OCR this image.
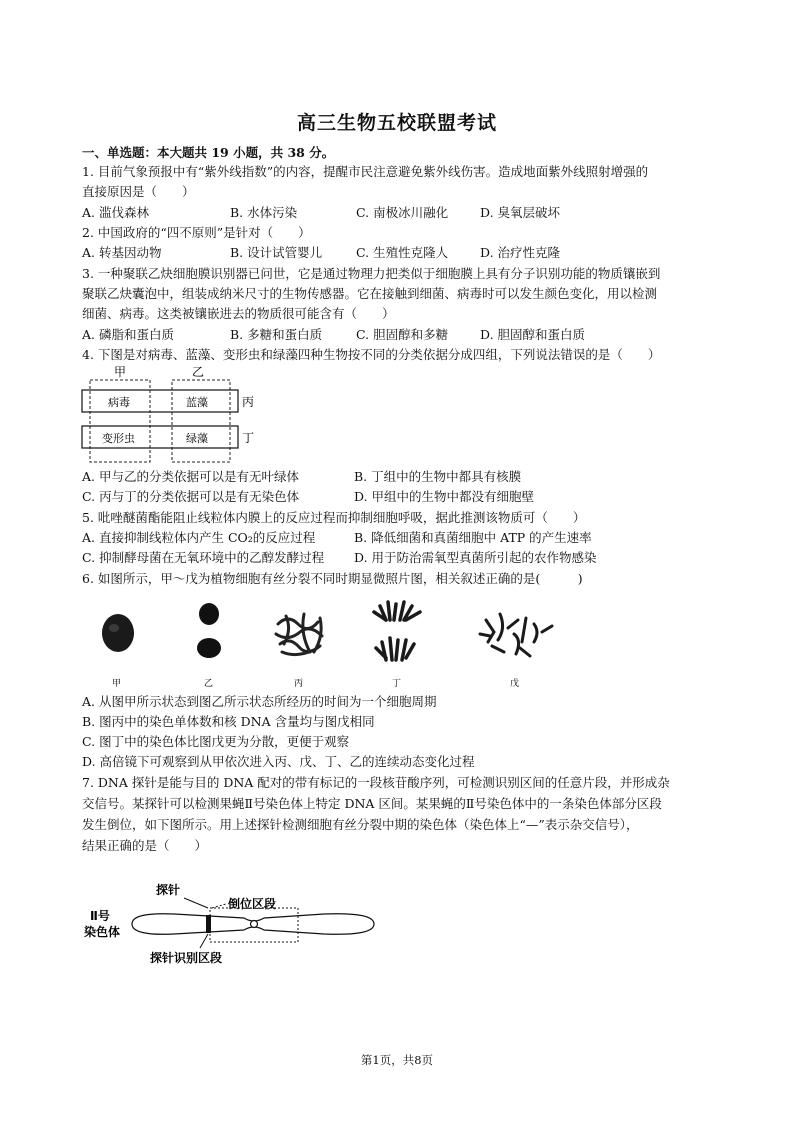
高三生物五校联盟考试
一、单选题：本大题共 19 小题，共 38 分。
1. 目前气象预报中有“紫外线指数”的内容，提醒市民注意避免紫外线伤害。造成地面紫外线照射增强的
直接原因是（　　）
A. 滥伐森林	B. 水体污染	C. 南极冰川融化	D. 臭氧层破坏
2. 中国政府的“四不原则”是针对（　　）
A. 转基因动物	B. 设计试管婴儿	C. 生殖性克隆人	D. 治疗性克隆
3. 一种聚联乙炔细胞膜识别器已问世，它是通过物理力把类似于细胞膜上具有分子识别功能的物质镶嵌到
聚联乙炔囊泡中，组装成纳米尺寸的生物传感器。它在接触到细菌、病毒时可以发生颜色变化，用以检测
细菌、病毒。这类被镶嵌进去的物质很可能含有（　　）
A. 磷脂和蛋白质	B. 多糖和蛋白质	C. 胆固醇和多糖	D. 胆固醇和蛋白质
4. 下图是对病毒、蓝藻、变形虫和绿藻四种生物按不同的分类依据分成四组，下列说法错误的是（　　）
甲	乙
病毒	蓝藻
变形虫	绿藻
丙
丁
A. 甲与乙的分类依据可以是有无叶绿体	B. 丁组中的生物中都具有核膜
C. 丙与丁的分类依据可以是有无染色体	D. 甲组中的生物中都没有细胞壁
5. 吡唑醚菌酯能阻止线粒体内膜上的反应过程而抑制细胞呼吸，据此推测该物质可（　　）
A. 直接抑制线粒体内产生 CO₂的反应过程	B. 降低细菌和真菌细胞中 ATP 的产生速率
C. 抑制酵母菌在无氧环境中的乙醇发酵过程 D. 用于防治需氧型真菌所引起的农作物感染
6. 如图所示，甲～戊为植物细胞有丝分裂不同时期显微照片图，相关叙述正确的是(　　　)
甲	乙	丙	丁	戊
A. 从图甲所示状态到图乙所示状态所经历的时间为一个细胞周期
B. 图丙中的染色单体数和核 DNA 含量均与图戊相同
C. 图丁中的染色体比图戊更为分散，更便于观察
D. 高倍镜下可观察到从甲依次进入丙、戊、丁、乙的连续动态变化过程
7. DNA 探针是能与目的 DNA 配对的带有标记的一段核苷酸序列，可检测识别区间的任意片段，并形成杂
交信号。某探针可以检测果蝇Ⅱ号染色体上特定 DNA 区间。某果蝇的Ⅱ号染色体中的一条染色体部分区段
发生倒位，如下图所示。用上述探针检测细胞有丝分裂中期的染色体（染色体上“—”表示杂交信号），
结果正确的是（　　）
探针
倒位区段
Ⅱ号
染色体
探针识别区段
第1页，共8页
